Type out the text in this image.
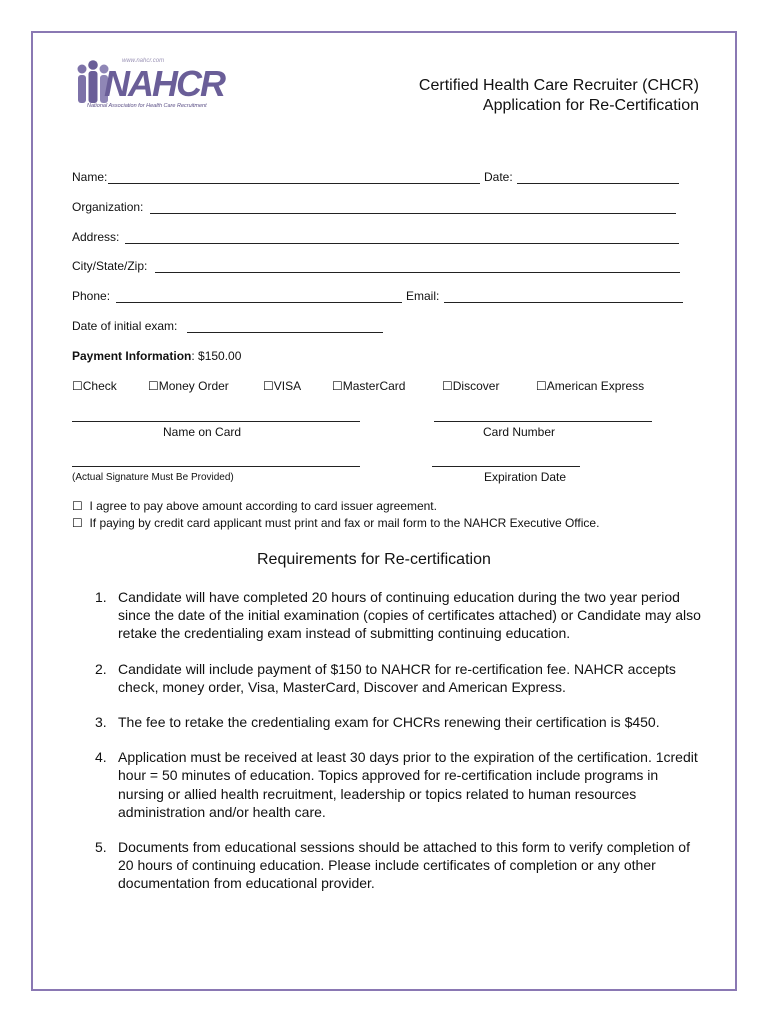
www.nahcr.com
NAHCR
National Association for Health Care Recruitment
Certified Health Care Recruiter (CHCR)
Application for Re-Certification
Name:	Date:
Organization:
Address:
City/State/Zip:
Phone:	Email:
Date of initial exam:
Payment Information: $150.00
☐Check	☐Money Order	☐VISA	☐MasterCard	☐Discover	☐American Express
Name on Card	Card Number
(Actual Signature Must Be Provided)	Expiration Date
☐ I agree to pay above amount according to card issuer agreement.
☐ If paying by credit card applicant must print and fax or mail form to the NAHCR Executive Office.
Requirements for Re-certification
1. Candidate will have completed 20 hours of continuing education during the two year period since the date of the initial examination (copies of certificates attached) or Candidate may also retake the credentialing exam instead of submitting continuing education.
2. Candidate will include payment of $150 to NAHCR for re-certification fee. NAHCR accepts check, money order, Visa, MasterCard, Discover and American Express.
3. The fee to retake the credentialing exam for CHCRs renewing their certification is $450.
4. Application must be received at least 30 days prior to the expiration of the certification. 1credit hour = 50 minutes of education. Topics approved for re-certification include programs in nursing or allied health recruitment, leadership or topics related to human resources administration and/or health care.
5. Documents from educational sessions should be attached to this form to verify completion of 20 hours of continuing education. Please include certificates of completion or any other documentation from educational provider.
